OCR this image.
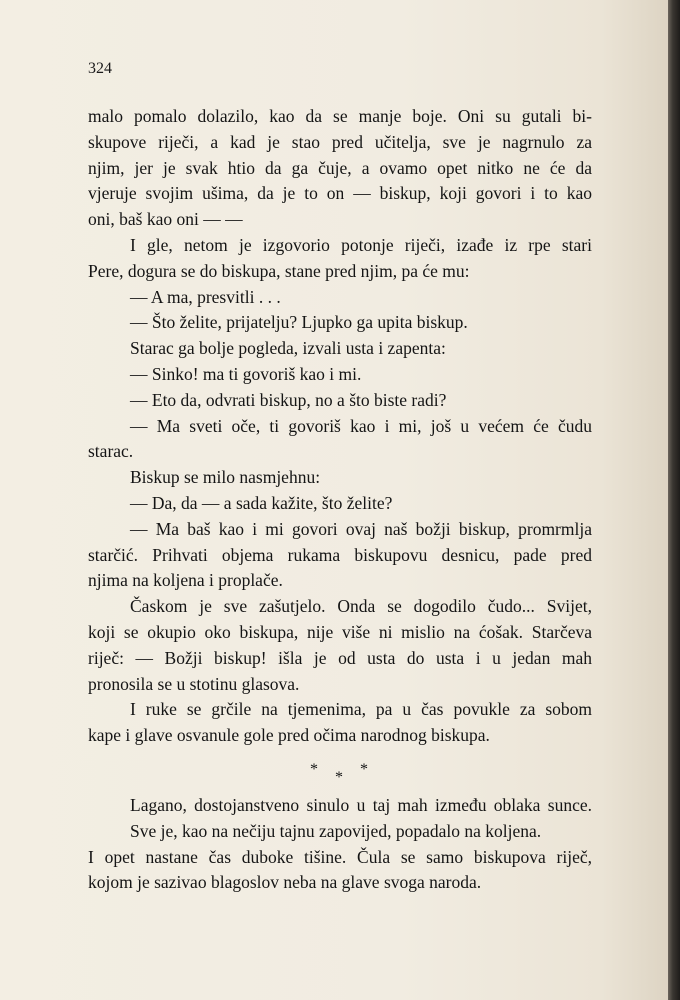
324

malo pomalo dolazilo, kao da se manje boje. Oni su gutali bi-

skupove riječi, a kad je stao pred učitelja, sve je nagrnulo za

njim, jer je svak htio da ga čuje, a ovamo opet nitko ne će da

vjeruje svojim ušima, da je to on — biskup, koji govori i to kao

oni, baš kao oni — —

I gle, netom je izgovorio potonje riječi, izađe iz rpe stari

Pere, dogura se do biskupa, stane pred njim, pa će mu:

— A ma, presvitli . . .

— Što želite, prijatelju? Ljupko ga upita biskup.

Starac ga bolje pogleda, izvali usta i zapenta:

— Sinko! ma ti govoriš kao i mi.

— Eto da, odvrati biskup, no a što biste radi?

— Ma sveti oče, ti govoriš kao i mi, još u većem će čudu

starac.

Biskup se milo nasmjehnu:

— Da, da — a sada kažite, što želite?

— Ma baš kao i mi govori ovaj naš božji biskup, promrmlja

starčić. Prihvati objema rukama biskupovu desnicu, pade pred

njima na koljena i proplače.

Časkom je sve zašutjelo. Onda se dogodilo čudo... Svijet,

koji se okupio oko biskupa, nije više ni mislio na ćošak. Starčeva

riječ: — Božji biskup! išla je od usta do usta i u jedan mah

pronosila se u stotinu glasova.

I ruke se grčile na tjemenima, pa u čas povukle za sobom

kape i glave osvanule gole pred očima narodnog biskupa.

* * *

Lagano, dostojanstveno sinulo u taj mah između oblaka sunce.

Sve je, kao na nečiju tajnu zapovijed, popadalo na koljena.

I opet nastane čas duboke tišine. Čula se samo biskupova riječ,

kojom je sazivao blagoslov neba na glave svoga naroda.
